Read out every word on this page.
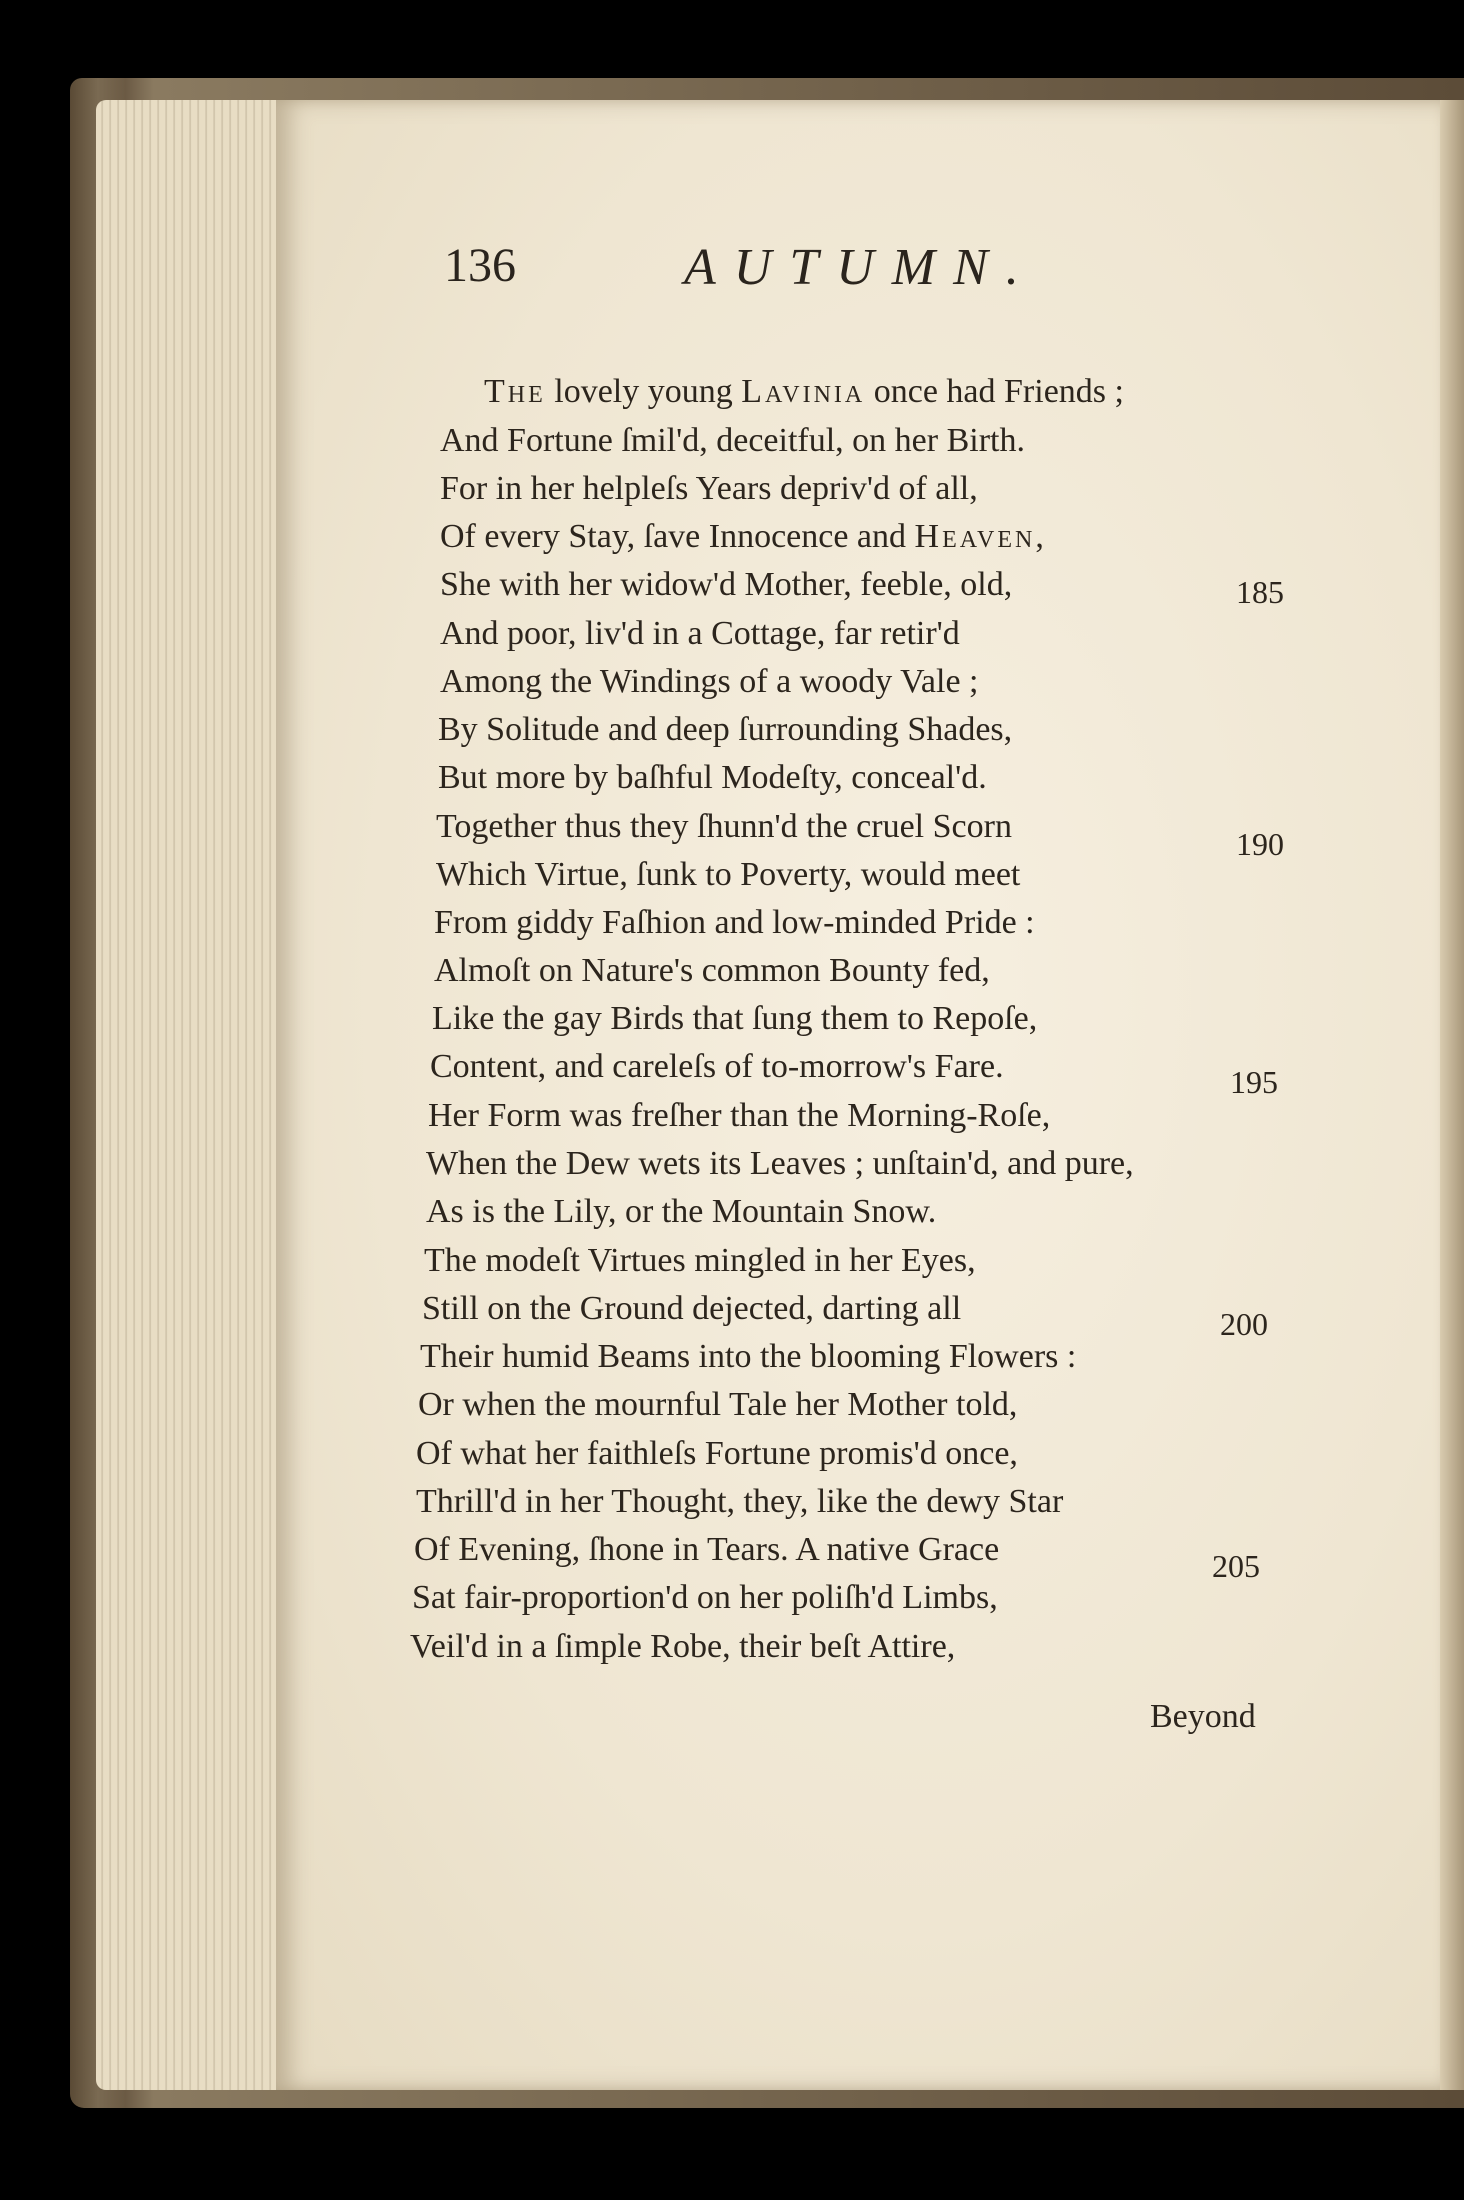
136	AUTUMN.
The lovely young Lavinia once had Friends ;
And Fortune ſmil'd, deceitful, on her Birth.
For in her helpleſs Years depriv'd of all,
Of every Stay, ſave Innocence and Heaven,
She with her widow'd Mother, feeble, old,
And poor, liv'd in a Cottage, far retir'd
Among the Windings of a woody Vale ;
By Solitude and deep ſurrounding Shades,
But more by baſhful Modeſty, conceal'd.
Together thus they ſhunn'd the cruel Scorn
Which Virtue, ſunk to Poverty, would meet
From giddy Faſhion and low-minded Pride :
Almoſt on Nature's common Bounty fed,
Like the gay Birds that ſung them to Repoſe,
Content, and careleſs of to-morrow's Fare.
Her Form was freſher than the Morning-Roſe,
When the Dew wets its Leaves ; unſtain'd, and pure,
As is the Lily, or the Mountain Snow.
The modeſt Virtues mingled in her Eyes,
Still on the Ground dejected, darting all
Their humid Beams into the blooming Flowers :
Or when the mournful Tale her Mother told,
Of what her faithleſs Fortune promis'd once,
Thrill'd in her Thought, they, like the dewy Star
Of Evening, ſhone in Tears. A native Grace
Sat fair-proportion'd on her poliſh'd Limbs,
Veil'd in a ſimple Robe, their beſt Attire,
185
190
195
200
205
Beyond
